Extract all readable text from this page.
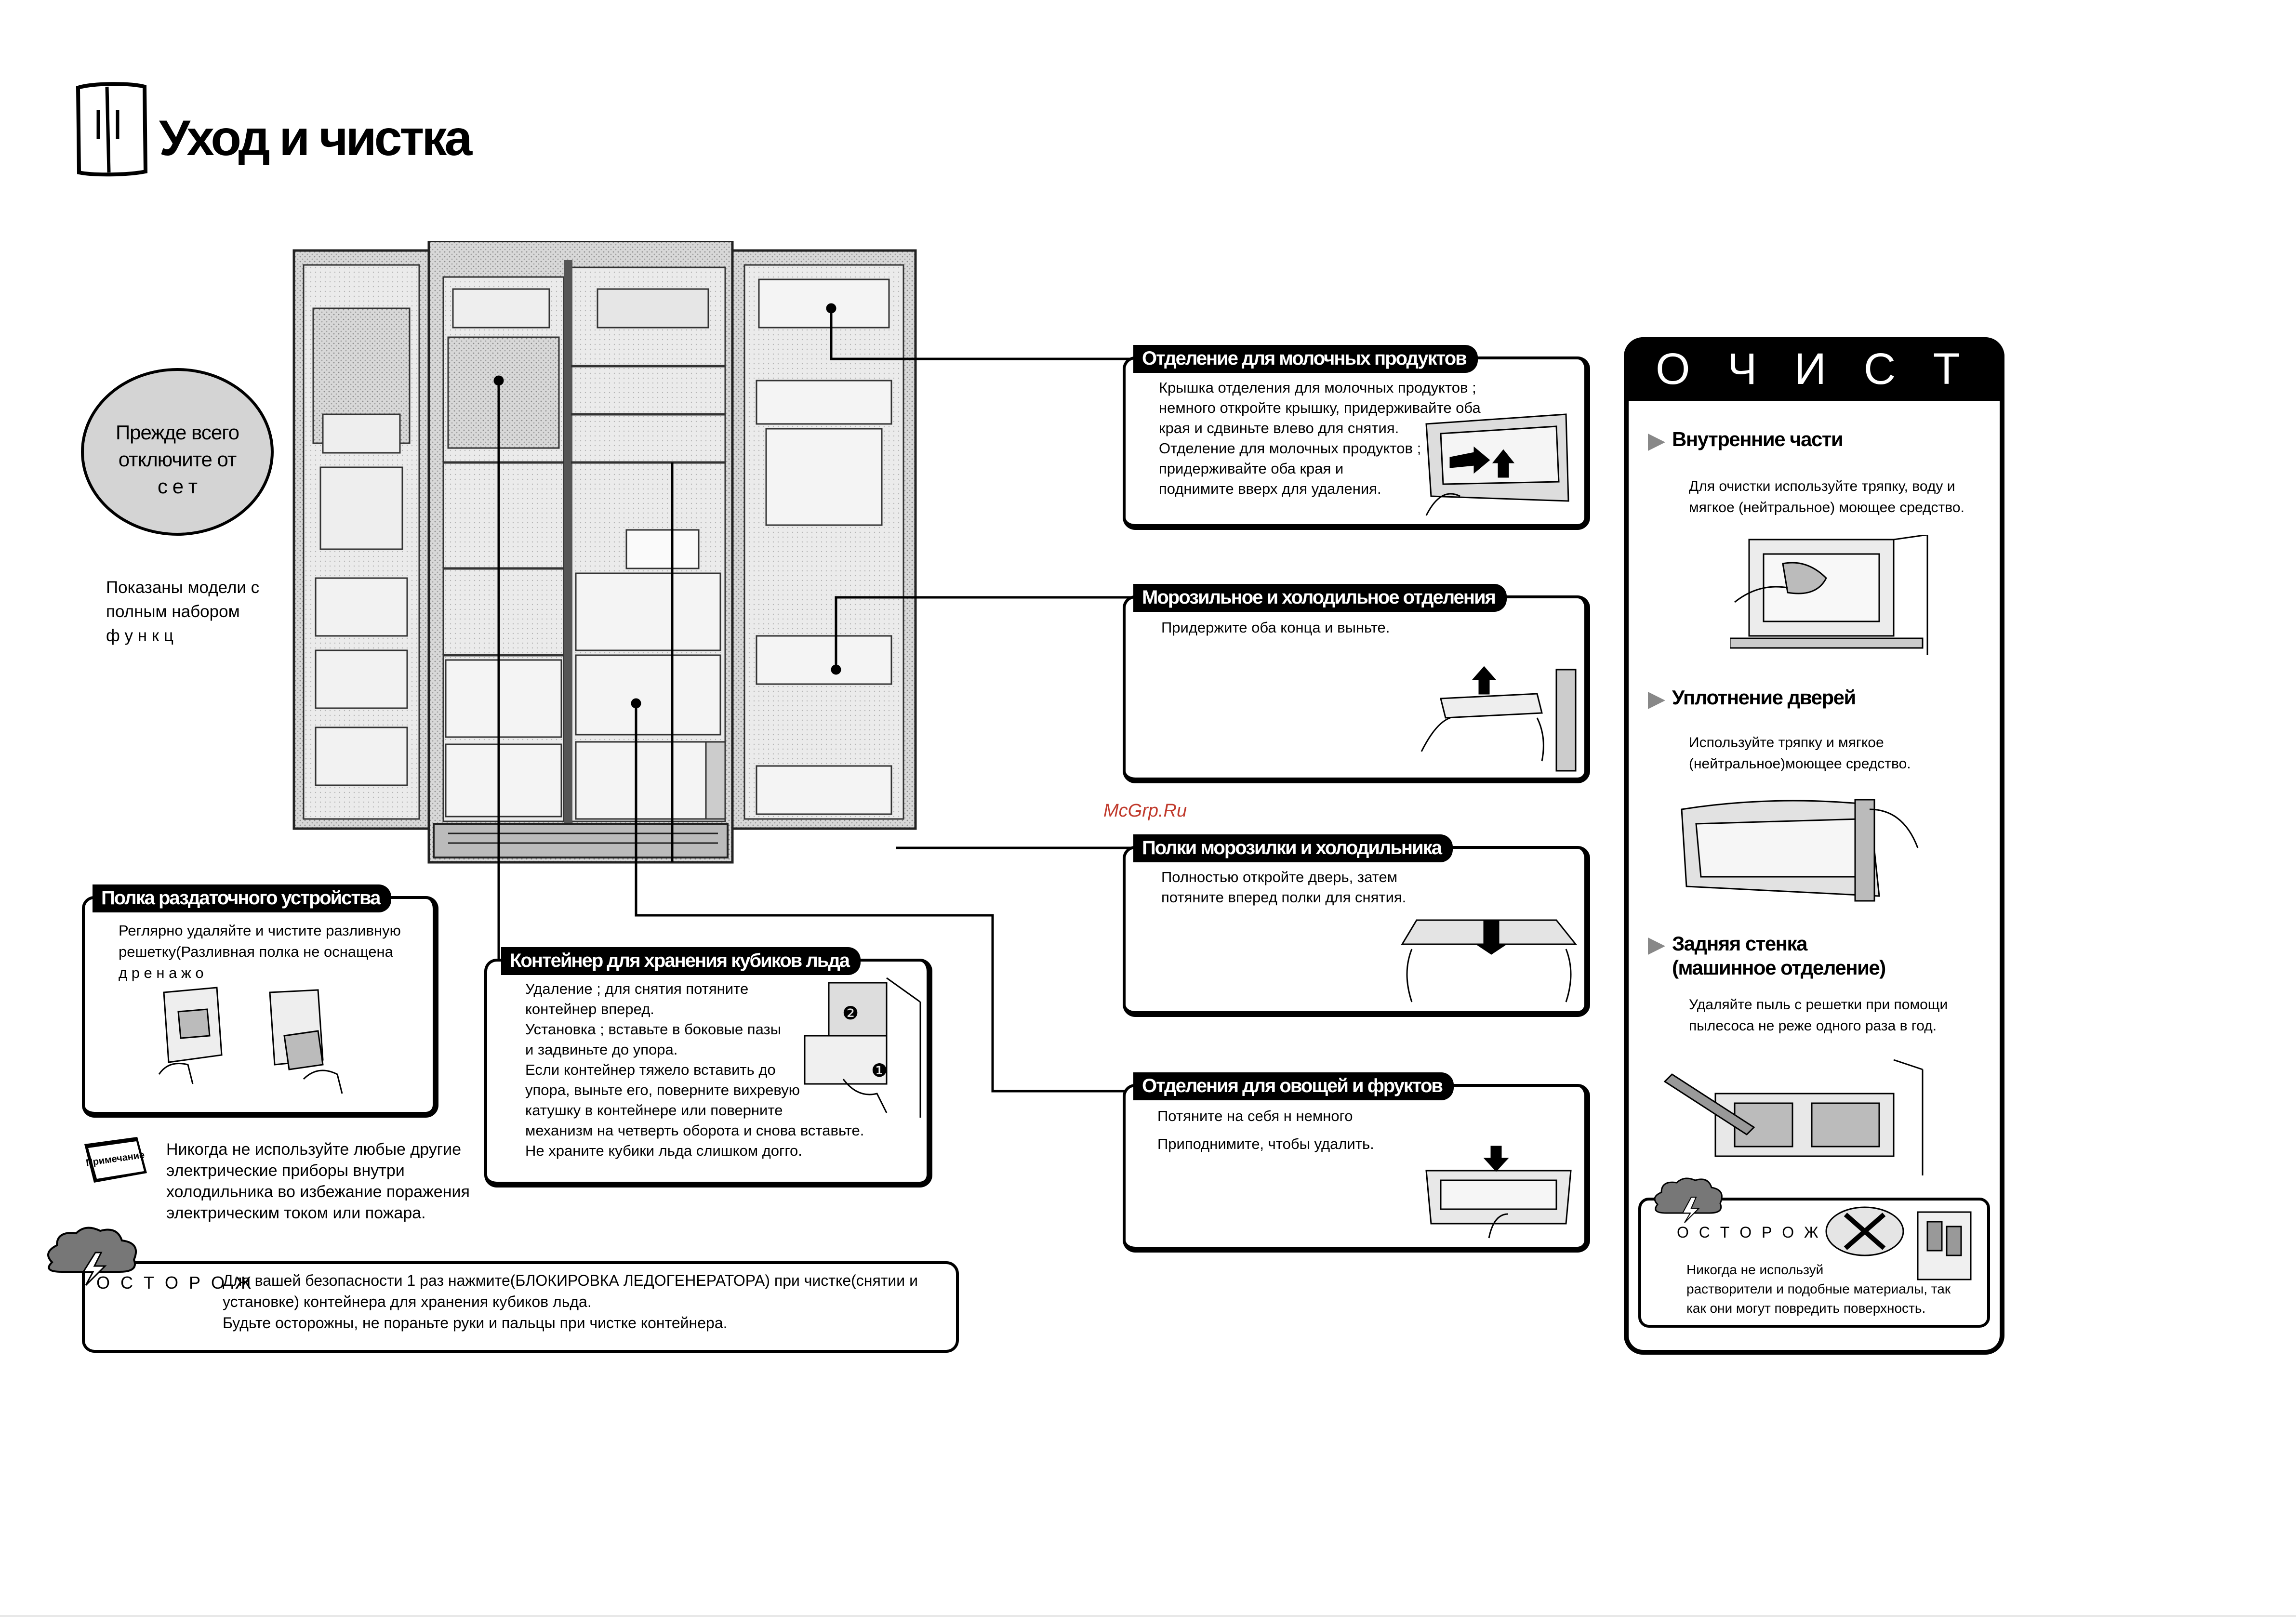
Уход и чистка
Прежде всего
отключите от
с е т
Показаны модели с
полным набором
ф у н к ц
Полка раздаточного устройства
Реглярно удаляйте и чистите разливную
решетку(Разливная полка не оснащена
д р е н а ж о
Контейнер для хранения кубиков льда
Удаление ; для снятия потяните
контейнер вперед.
Установка ; вставьте в боковые пазы
и задвиньте до упора.
Если контейнер тяжело вставить до
упора, выньте его, поверните вихревую
катушку в контейнере или поверните
механизм на четверть оборота и снова вставьте.
Не храните кубики льда слишком догго.
❷
❶
Примечание
Никогда не используйте любые другие
электрические приборы внутри
холодильника во избежание поражения
электрическим током или пожара.
О С Т О Р О Ж
Для вашей безопасности 1 раз нажмите(БЛОКИРОВКА ЛЕДОГЕНЕРАТОРА) при чистке(снятии и
установке) контейнера для хранения кубиков льда.
Будьте осторожны, не пораньте руки и пальцы при чистке контейнера.
Отделение для молочных продуктов
Крышка отделения для молочных продуктов ;
немного откройте крышку, придерживайте оба
края и сдвиньте влево для снятия.
Отделение для молочных продуктов ;
придерживайте оба края и
поднимите вверх для удаления.
Морозильное и холодильное отделения
Придержите оба конца и выньте.
Полки морозилки и холодильника
Полностью откройте дверь, затем
потяните вперед полки для снятия.
Отделения для овощей и фруктов
Потяните на себя н немного
Приподнимите, чтобы удалить.
McGrp.Ru
О Ч И С Т
Внутренние части
Для очистки используйте тряпку, воду и
мягкое (нейтральное) моющее средство.
Уплотнение дверей
Используйте тряпку и мягкое
(нейтральное)моющее средство.
Задняя стенка
(машинное отделение)
Удаляйте пыль с решетки при помощи
пылесоса не реже одного раза в год.
О С Т О Р О Ж
Никогда не используй
растворители и подобные материалы, так
как они могут повредить поверхность.
